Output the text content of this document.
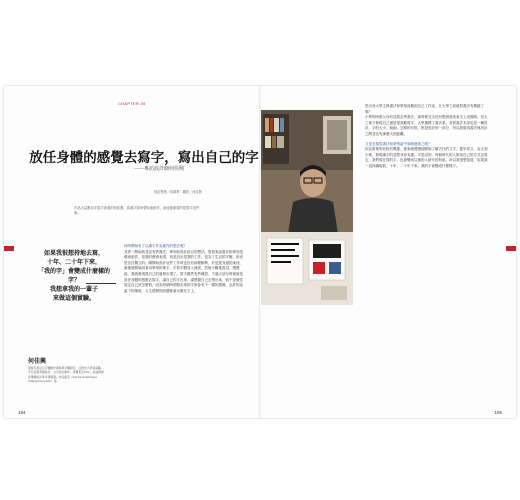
CHAPTER 05
放任身體的感覺去寫字，寫出自己的字
——專訪設計師何佳興
採訪整理／林靜華　攝影／何佳興
作品大量應用手寫字表現的何佳興，談漢字如何帶給他創作，而他最重要的是寫字這件事。
如果我很想持地去寫，
十年、二十年下來，
「我的字」會變成什麼樣的字？
我想拿我的一輩子
來做這個實驗。
何佳興
同時以書法及字體創作與參與字體研究，任教於大學與高職。平日從事書籍設計、文字設計創作。曾獲東京TDC、金曲獎最佳專輯設計等多項獎項。作品集有《Cache Graphique Interpersonnelle》等。

何時開始有了以漢字作為創作的想法呢？

其實一開始我並沒有將書法、篆刻和設計結合的想法。對我來說書法和篆刻是藝術創作，是我的藝術表現，但是設計是我的工作，是為了生活的平衡，兩者是各自獨立的。剛開始設計這件工作時也沒有那麼順利，於是從身邊的東西，最後就開始試著用篆刻的篆字、手寫字體放入裡面，然後不斷地嘗試，慢慢地，我就發現我自己的風格出現了。寫字雖然有些練習，不過大部分時候就是放任身體的感覺去寫字，讓自己的字出來；讓感覺自己去帶出來，而不是硬性規定自己該怎麼寫，因為每個時期寫出來的字都會有不一樣的感覺，也許因為當下的環境、人生經歷的改變都會反應在字上。

194

您出身大學主修書法和篆刻而搬到自己工作室，在大學之前就對書法有興趣了嗎？

小學的時候父母有送我去學書法，那時候完全沒有想到後來會走上這條路。長大之後才發現自己還是很喜歡寫字，大學選擇了書法系。其實書法本身也是一種設計，字的大小、粗細、空間的安排，都是設計的一部分，所以我覺得書法與設計之間並沒有那麼大的距離。

又是怎樣從書法和篆刻當中領略藝術之路？

因為對篆刻比較有興趣，後來就慢慢地開始了解古代的文字，從甲骨文、金文到小篆，發現漢字的造型非常有趣。字是活的，每個時代的人都用自己的方式去寫它，我們現在寫的字，也會變成以後的人研究的對象。所以我很想知道，如果我一直持續地寫，十年、二十年下來，我的字會變成什麼樣子。

195
